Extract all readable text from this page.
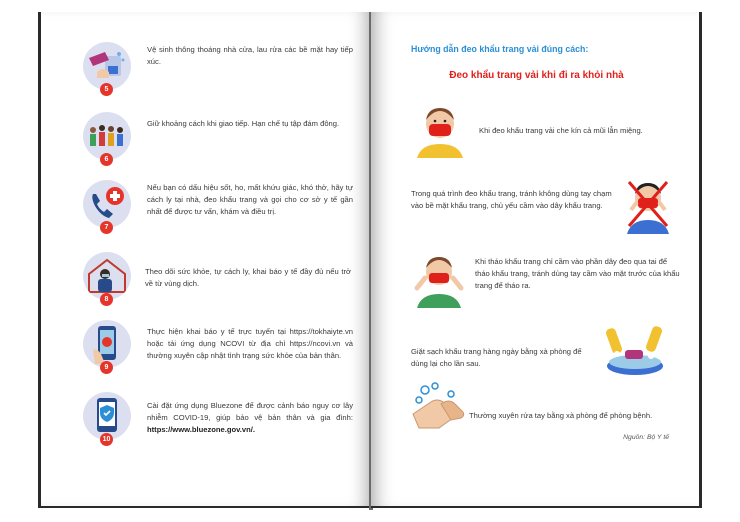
5
Vệ sinh thông thoáng nhà cửa, lau rửa các bề mặt hay tiếp xúc.
6
Giữ khoảng cách khi giao tiếp. Hạn chế tụ tập đám đông.
7
Nếu bạn có dấu hiệu sốt, ho, mất khứu giác, khó thở, hãy tự cách ly tại nhà, đeo khẩu trang và gọi cho cơ sở y tế gần nhất để được tư vấn, khám và điều trị.
8
Theo dõi sức khỏe, tự cách ly, khai báo y tế đầy đủ nếu trở về từ vùng dịch.
9
Thực hiện khai báo y tế trực tuyến tại https://tokhaiyte.vn hoặc tải ứng dụng NCOVI từ địa chỉ https://ncovi.vn và thường xuyên cập nhật tình trạng sức khỏe của bản thân.
10
Cài đặt ứng dụng Bluezone để được cảnh báo nguy cơ lây nhiễm COVID-19, giúp bảo vệ bản thân và gia đình: https://www.bluezone.gov.vn/.
Hướng dẫn đeo khẩu trang vải đúng cách:
Đeo khẩu trang vải khi đi ra khỏi nhà
Khi đeo khẩu trang vải che kín cả mũi lẫn miệng.
Trong quá trình đeo khẩu trang, tránh không dùng tay chạm vào bề mặt khẩu trang, chủ yếu cầm vào dây khẩu trang.
Khi tháo khẩu trang chỉ cầm vào phần dây đeo qua tai để tháo khẩu trang, tránh dùng tay cầm vào mặt trước của khẩu trang để tháo ra.
Giặt sạch khẩu trang hàng ngày bằng xà phòng để dùng lại cho lần sau.
Thường xuyên rửa tay bằng xà phòng để phòng bệnh.
Nguồn: Bộ Y tế
